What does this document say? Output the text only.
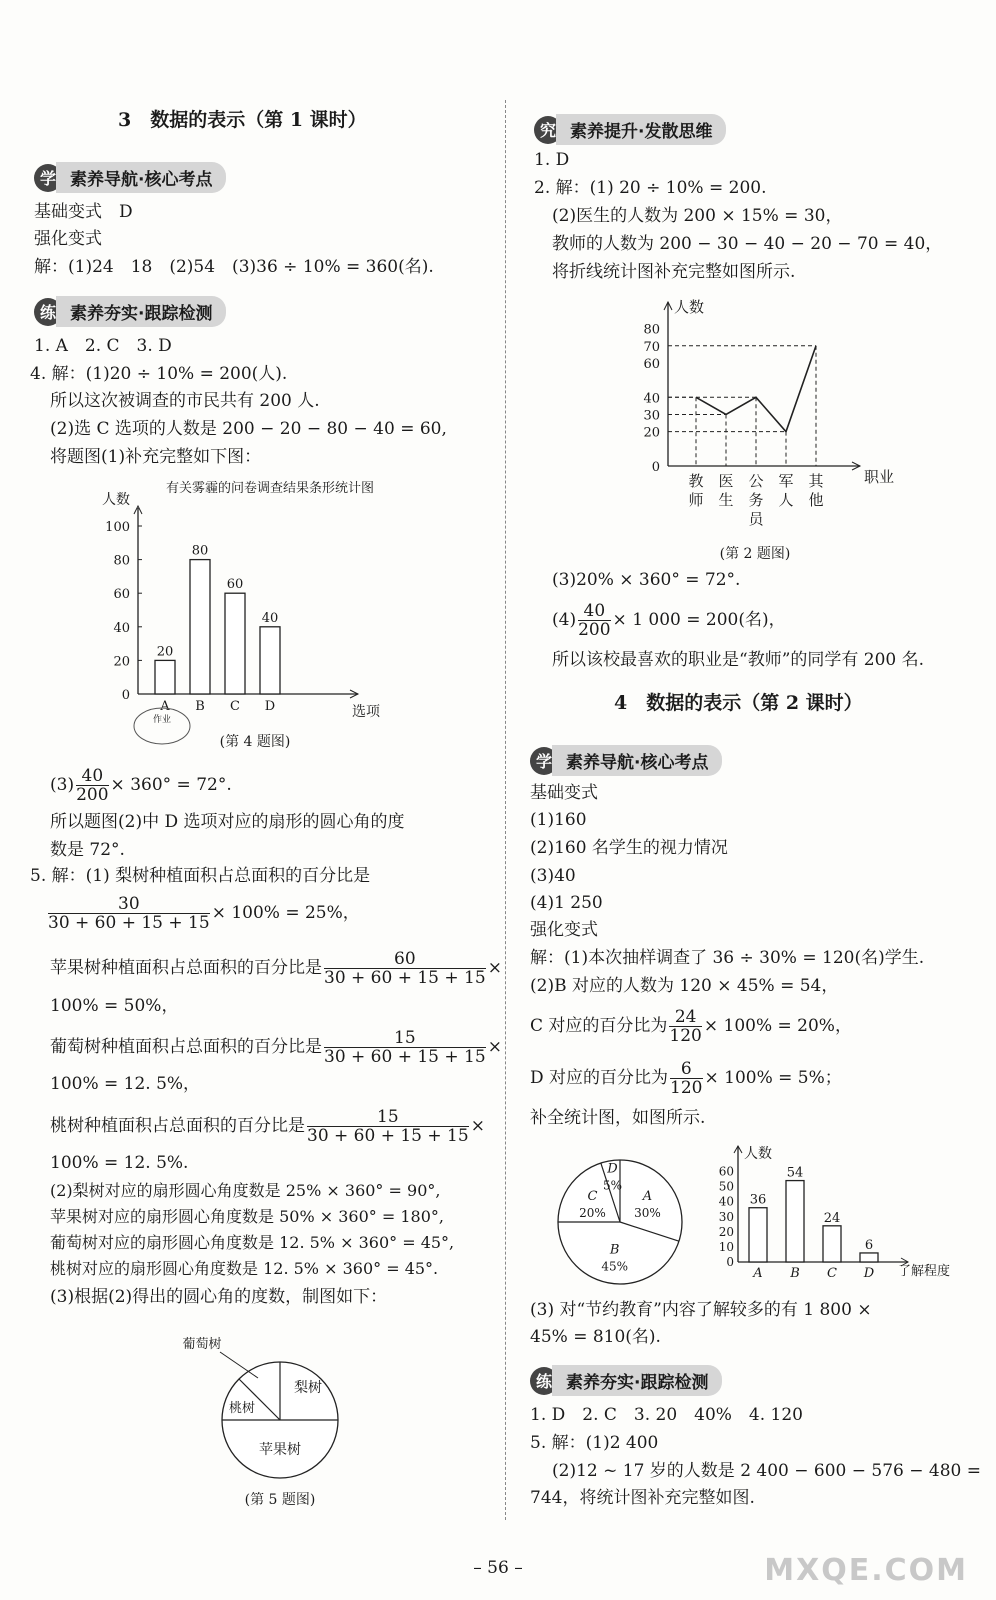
3　数据的表示（第 1 课时）
学 素养导航·核心考点
基础变式　D
强化变式
解：(1)24　18　(2)54　(3)36 ÷ 10% = 360(名).
练 素养夯实·跟踪检测
1. A　2. C　3. D
4. 解：(1)20 ÷ 10% = 200(人).
所以这次被调查的市民共有 200 人.
(2)选 C 选项的人数是 200 − 20 − 80 − 40 = 60,
将题图(1)补充完整如下图：
有关雾霾的问卷调查结果条形统计图
人数
选项
0
20
40
60
80
100
20
A
80
B
60
C
40
D
作业
(第 4 题图)
$(3) \frac{40}{200} \times 360^\circ = 72^\circ$.
所以题图(2)中 D 选项对应的扇形的圆心角的度
数是 72°.
5. 解：(1) 梨树种植面积占总面积的百分比是
$\frac{30}{30 + 60 + 15 + 15} \times 100\% = 25\%$，
苹果树种植面积占总面积的百分比是 $\frac{60}{30 + 60 + 15 + 15}$ ×
100% = 50%，
葡萄树种植面积占总面积的百分比是 $\frac{15}{30 + 60 + 15 + 15}$ ×
100% = 12. 5%，
桃树种植面积占总面积的百分比是 $\frac{15}{30 + 60 + 15 + 15}$ ×
100% = 12. 5%.
(2)梨树对应的扇形圆心角度数是 25% × 360° = 90°,
苹果树对应的扇形圆心角度数是 50% × 360° = 180°,
葡萄树对应的扇形圆心角度数是 12. 5% × 360° = 45°,
桃树对应的扇形圆心角度数是 12. 5% × 360° = 45°.
(3)根据(2)得出的圆心角的度数，制图如下：
梨树
苹果树
桃树
葡萄树
(第 5 题图)
究 素养提升·发散思维
1. D
2. 解：(1) 20 ÷ 10% = 200.
(2)医生的人数为 200 × 15% = 30，
教师的人数为 200 − 30 − 40 − 20 − 70 = 40，
将折线统计图补充完整如图所示.
人数
职业
0
20
30
40
60
70
80
教
师
医
生
公
务
员
军
人
其
他
(第 2 题图)
(3)20% × 360° = 72°.
$(4) \frac{40}{200} \times 1$ 000 = 200(名)，
所以该校最喜欢的职业是“教师”的同学有 200 名.
4　数据的表示（第 2 课时）
学 素养导航·核心考点
基础变式
(1)160
(2)160 名学生的视力情况
(3)40
(4)1 250
强化变式
解：(1)本次抽样调查了 36 ÷ 30% = 120(名)学生.
(2)B 对应的人数为 120 × 45% = 54，
C 对应的百分比为 $\frac{24}{120} \times 100\% = 20\%$，
D 对应的百分比为 $\frac{6}{120} \times 100\% = 5\%$；
补全统计图，如图所示.
A
30%
B
45%
C
20%
D
5%
人数
了解程度
0
10
20
30
40
50
60
36
A
54
B
24
C
6
D
(3) 对“节约教育”内容了解较多的有 1 800 ×
45% = 810(名).
练 素养夯实·跟踪检测
1. D　2. C　3. 20　40%　4. 120
5. 解：(1)2 400
(2)12 ~ 17 岁的人数是 2 400 − 600 − 576 − 480 =
744，将统计图补充完整如图.
– 56 –	MXQE.COM
